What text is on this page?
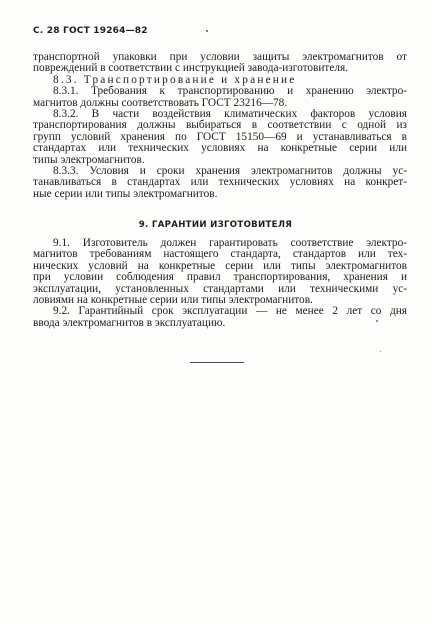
С. 28 ГОСТ 19264—82
транспортной упаковки при условии защиты электромагнитов от
повреждений в соответствии с инструкцией завода-изготовителя.
8.3. Транспортирование и хранение
8.3.1. Требования к транспортированию и хранению электро-
магнитов должны соответствовать ГОСТ 23216—78.
8.3.2. В части воздействия климатических факторов условия
транспортирования должны выбираться в соответствии с одной из
групп условий хранения по ГОСТ 15150—69 и устанавливаться в
стандартах или технических условиях на конкретные серии или
типы электромагнитов.
8.3.3. Условия и сроки хранения электромагнитов должны ус-
танавливаться в стандартах или технических условиях на конкрет-
ные серии или типы электромагнитов.
9. ГАРАНТИИ ИЗГОТОВИТЕЛЯ
9.1. Изготовитель должен гарантировать соответствие электро-
магнитов требованиям настоящего стандарта, стандартов или тех-
нических условий на конкретные серии или типы электромагнитов
при условии соблюдения правил транспортирования, хранения и
эксплуатации, установленных стандартами или техническими ус-
ловиями на конкретные серии или типы электромагнитов.
9.2. Гарантийный срок эксплуатации — не менее 2 лет со дня
ввода электромагнитов в эксплуатацию.
